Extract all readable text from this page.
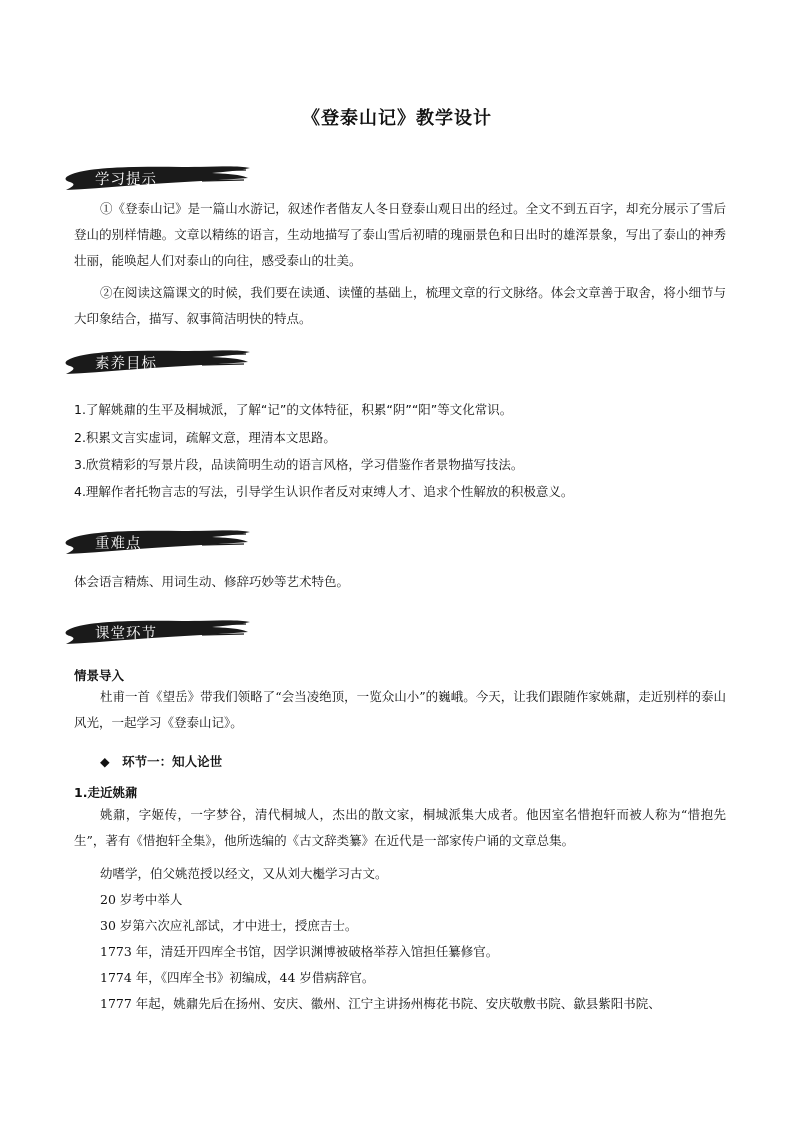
《登泰山记》教学设计
学习提示

①《登泰山记》是一篇山水游记，叙述作者偕友人冬日登泰山观日出的经过。全文不到五百字，却充分展示了雪后登山的别样情趣。文章以精练的语言，生动地描写了泰山雪后初晴的瑰丽景色和日出时的雄浑景象，写出了泰山的神秀壮丽，能唤起人们对泰山的向往，感受泰山的壮美。

②在阅读这篇课文的时候，我们要在读通、读懂的基础上，梳理文章的行文脉络。体会文章善于取舍，将小细节与大印象结合，描写、叙事简洁明快的特点。

素养目标

1.了解姚鼐的生平及桐城派，了解“记”的文体特征，积累“阴”“阳”等文化常识。

2.积累文言实虚词，疏解文意，理清本文思路。

3.欣赏精彩的写景片段，品读简明生动的语言风格，学习借鉴作者景物描写技法。

4.理解作者托物言志的写法，引导学生认识作者反对束缚人才、追求个性解放的积极意义。

重难点

体会语言精炼、用词生动、修辞巧妙等艺术特色。

课堂环节

情景导入

杜甫一首《望岳》带我们领略了“会当凌绝顶，一览众山小”的巍峨。今天，让我们跟随作家姚鼐，走近别样的泰山风光，一起学习《登泰山记》。

◆　环节一：知人论世

1.走近姚鼐

姚鼐，字姬传，一字梦谷，清代桐城人，杰出的散文家，桐城派集大成者。他因室名惜抱轩而被人称为“惜抱先生”，著有《惜抱轩全集》，他所选编的《古文辞类纂》在近代是一部家传户诵的文章总集。

幼嗜学，伯父姚范授以经文，又从刘大櫆学习古文。

20 岁考中举人

30 岁第六次应礼部试，才中进士，授庶吉士。

1773 年，清廷开四库全书馆，因学识渊博被破格举荐入馆担任纂修官。

1774 年，《四库全书》初编成，44 岁借病辞官。

1777 年起，姚鼐先后在扬州、安庆、徽州、江宁主讲扬州梅花书院、安庆敬敷书院、歙县紫阳书院、
